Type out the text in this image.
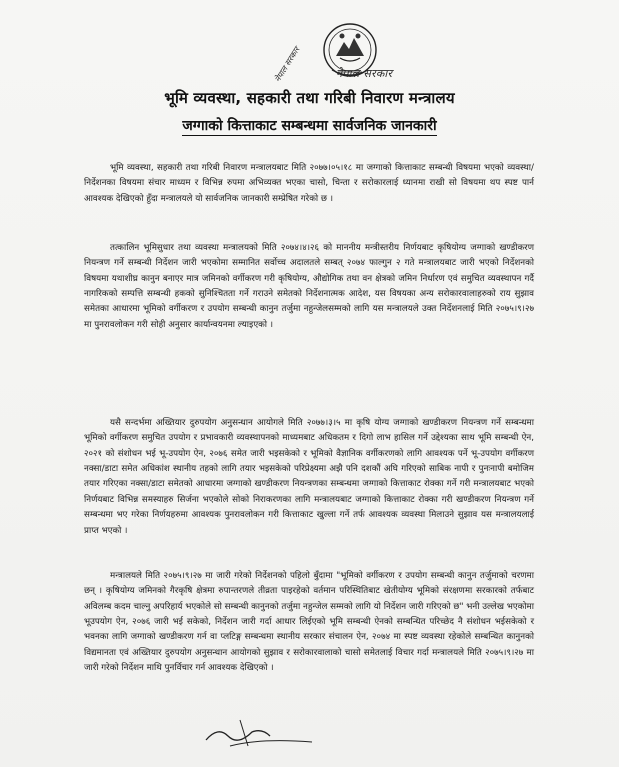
नेपाल सरकार	नेपाल सरकार
भूमि व्यवस्था, सहकारी तथा गरिबी निवारण मन्त्रालय
जग्गाको कित्ताकाट सम्बन्धमा सार्वजनिक जानकारी

भूमि व्यवस्था, सहकारी तथा गरिबी निवारण मन्त्रालयबाट मिति २०७७।०५।१८ मा जग्गाको कित्ताकाट सम्बन्धी विषयमा भएको व्यवस्था/निर्देशनका विषयमा संचार माध्यम र विभिन्न रुपमा अभिव्यक्त भएका चासो, चिन्ता र सरोकारलाई ध्यानमा राखी सो विषयमा थप स्पष्ट पार्न आवश्यक देखिएको हुँदा मन्त्रालयले यो सार्वजनिक जानकारी सम्प्रेषित गरेको छ ।

तत्कालिन भूमिसुधार तथा व्यवस्था मन्त्रालयको मिति २०७४।४।२६ को माननीय मन्त्रीस्तरीय निर्णयबाट कृषियोग्य जग्गाको खण्डीकरण नियन्त्रण गर्ने सम्बन्धी निर्देशन जारी भएकोमा सम्मानित सर्वोच्च अदालतले सम्बत् २०७४ फाल्गुन २ गते मन्त्रालयबाट जारी भएको निर्देशनको विषयमा यथाशीघ्र कानुन बनाएर मात्र जमिनको वर्गीकरण गरी कृषियोग्य, औद्योगिक तथा वन क्षेत्रको जमिन निर्धारण एवं समुचित व्यवस्थापन गर्दै नागरिकको सम्पत्ति सम्बन्धी हकको सुनिश्चितता गर्ने गराउने समेतको निर्देशनात्मक आदेश, यस विषयका अन्य सरोकारवालाहरुको राय सुझाव समेतका आधारमा भूमिको वर्गीकरण र उपयोग सम्बन्धी कानुन तर्जुमा नहुन्जेलसम्मको लागि यस मन्त्रालयले उक्त निर्देशनलाई मिति २०७५।९।२७ मा पुनरावलोकन गरी सोही अनुसार कार्यान्वयनमा ल्याइएको ।

यसै सन्दर्भमा अख्तियार दुरुपयोग अनुसन्धान आयोगले मिति २०७७।३।५ मा कृषि योग्य जग्गाको खण्डीकरण नियन्त्रण गर्ने सम्बन्धमा भूमिको वर्गीकरण समुचित उपयोग र प्रभावकारी व्यवस्थापनको माध्यमबाट अधिकतम र दिगो लाभ हासिल गर्ने उद्देश्यका साथ भूमि सम्बन्धी ऐन, २०२१ को संशोधन भई भू-उपयोग ऐन, २०७६ समेत जारी भइसकेको र भूमिको वैज्ञानिक वर्गीकरणको लागि आवश्यक पर्ने भू-उपयोग वर्गीकरण नक्सा/डाटा समेत अधिकांश स्थानीय तहको लागि तयार भइसकेको परिप्रेक्ष्यमा अझै पनि दशकौं अघि गरिएको साबिक नापी र पुनःनापी बमोजिम तयार गरिएका नक्सा/डाटा समेतको आधारमा जग्गाको खण्डीकरण नियन्त्रणका सम्बन्धमा जग्गाको कित्ताकाट रोक्का गर्ने गरी मन्त्रालयबाट भएको निर्णयबाट विभिन्न समस्याहरु सिर्जना भएकोले सोको निराकरणका लागि मन्त्रालयबाट जग्गाको कित्ताकाट रोक्का गरी खण्डीकरण नियन्त्रण गर्ने सम्बन्धमा भए गरेका निर्णयहरुमा आवश्यक पुनरावलोकन गरी कित्ताकाट खुल्ला गर्ने तर्फ आवश्यक व्यवस्था मिलाउने सुझाव यस मन्त्रालयलाई प्राप्त भएको ।

मन्त्रालयले मिति २०७५।९।२७ मा जारी गरेको निर्देशनको पहिलो बुँदामा "भूमिको वर्गीकरण र उपयोग सम्बन्धी कानुन तर्जुमाको चरणमा छन् । कृषियोग्य जमिनको गैरकृषि क्षेत्रमा रुपान्तरणले तीव्रता पाइरहेको वर्तमान परिस्थितिबाट खेतीयोग्य भूमिको संरक्षणमा सरकारको तर्फबाट अविलम्ब कदम चाल्नु अपरिहार्य भएकोले सो सम्बन्धी कानुनको तर्जुमा नहुन्जेल सम्मको लागि यो निर्देशन जारी गरिएको छ" भनी उल्लेख भएकोमा भूउपयोग ऐन, २०७६ जारी भई सकेको, निर्देशन जारी गर्दा आधार लिईएको भूमि सम्बन्धी ऐनको सम्बन्धित परिच्छेद नै संशोधन भईसकेको र भवनका लागि जग्गाको खण्डीकरण गर्न वा प्लटिङ्ग सम्बन्धमा स्थानीय सरकार संचालन ऐन, २०७४ मा स्पष्ट व्यवस्था रहेकोले सम्बन्धित कानुनको विद्यमानता एवं अख्तियार दुरुपयोग अनुसन्धान आयोगको सुझाव र सरोकारवालाको चासो समेतलाई विचार गर्दा मन्त्रालयले मिति २०७५।९।२७ मा जारी गरेको निर्देशन माथि पुनर्विचार गर्न आवश्यक देखिएको ।
